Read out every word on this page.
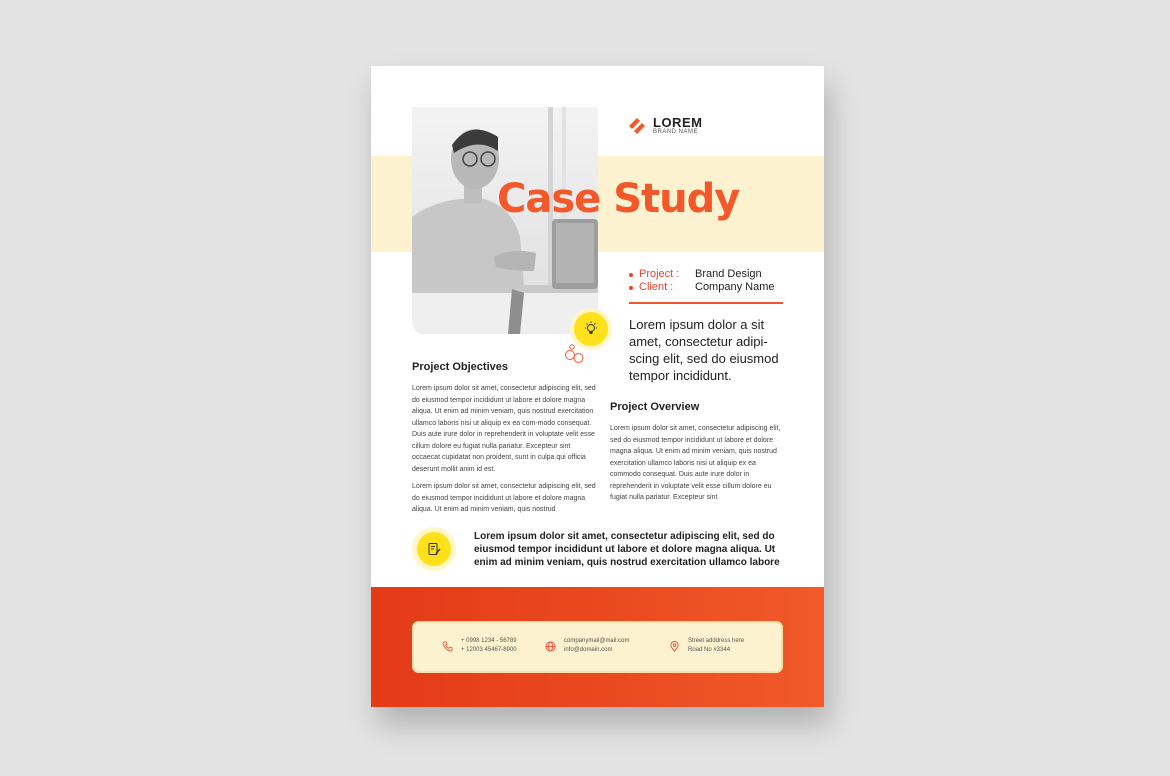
LOREM
BRAND NAME
Case Study
Project :	Brand Design
Client :	Company Name
Lorem ipsum dolor a sit amet, consectetur adipi-scing elit, sed do eiusmod tempor incididunt.
Project Objectives

Lorem ipsum dolor sit amet, consectetur adipiscing elit, sed do eiusmod tempor incididunt ut labore et dolore magna aliqua. Ut enim ad minim veniam, quis nostrud exercitation ullamco laboris nisi ut aliquip ex ea com-modo consequat. Duis aute irure dolor in reprehenderit in voluptate velit esse cillum dolore eu fugiat nulla pariatur. Excepteur sint occaecat cupidatat non proident, sunt in culpa qui officia deserunt mollit anim id est.

Lorem ipsum dolor sit amet, consectetur adipiscing elit, sed do eiusmod tempor incididunt ut labore et dolore magna aliqua. Ut enim ad minim veniam, quis nostrud

Project Overview
Lorem ipsum dolor sit amet, consectetur adipiscing elit, sed do eiusmod tempor incididunt ut labore et dolore magna aliqua. Ut enim ad minim veniam, quis nostrud exercitation ullamco laboris nisi ut aliquip ex ea commodo consequat. Duis aute irure dolor in reprehenderit in voluptate velit esse cillum dolore eu fugiat nulla pariatur. Excepteur sint
Lorem ipsum dolor sit amet, consectetur adipiscing elit, sed do eiusmod tempor incididunt ut labore et dolore magna aliqua. Ut enim ad minim veniam, quis nostrud exercitation ullamco labore
+ 0998 1234 - 56789
+ 12003 45467-8900
companymail@mail.com
info@domain.com
Street adddress here
Road No #3344
